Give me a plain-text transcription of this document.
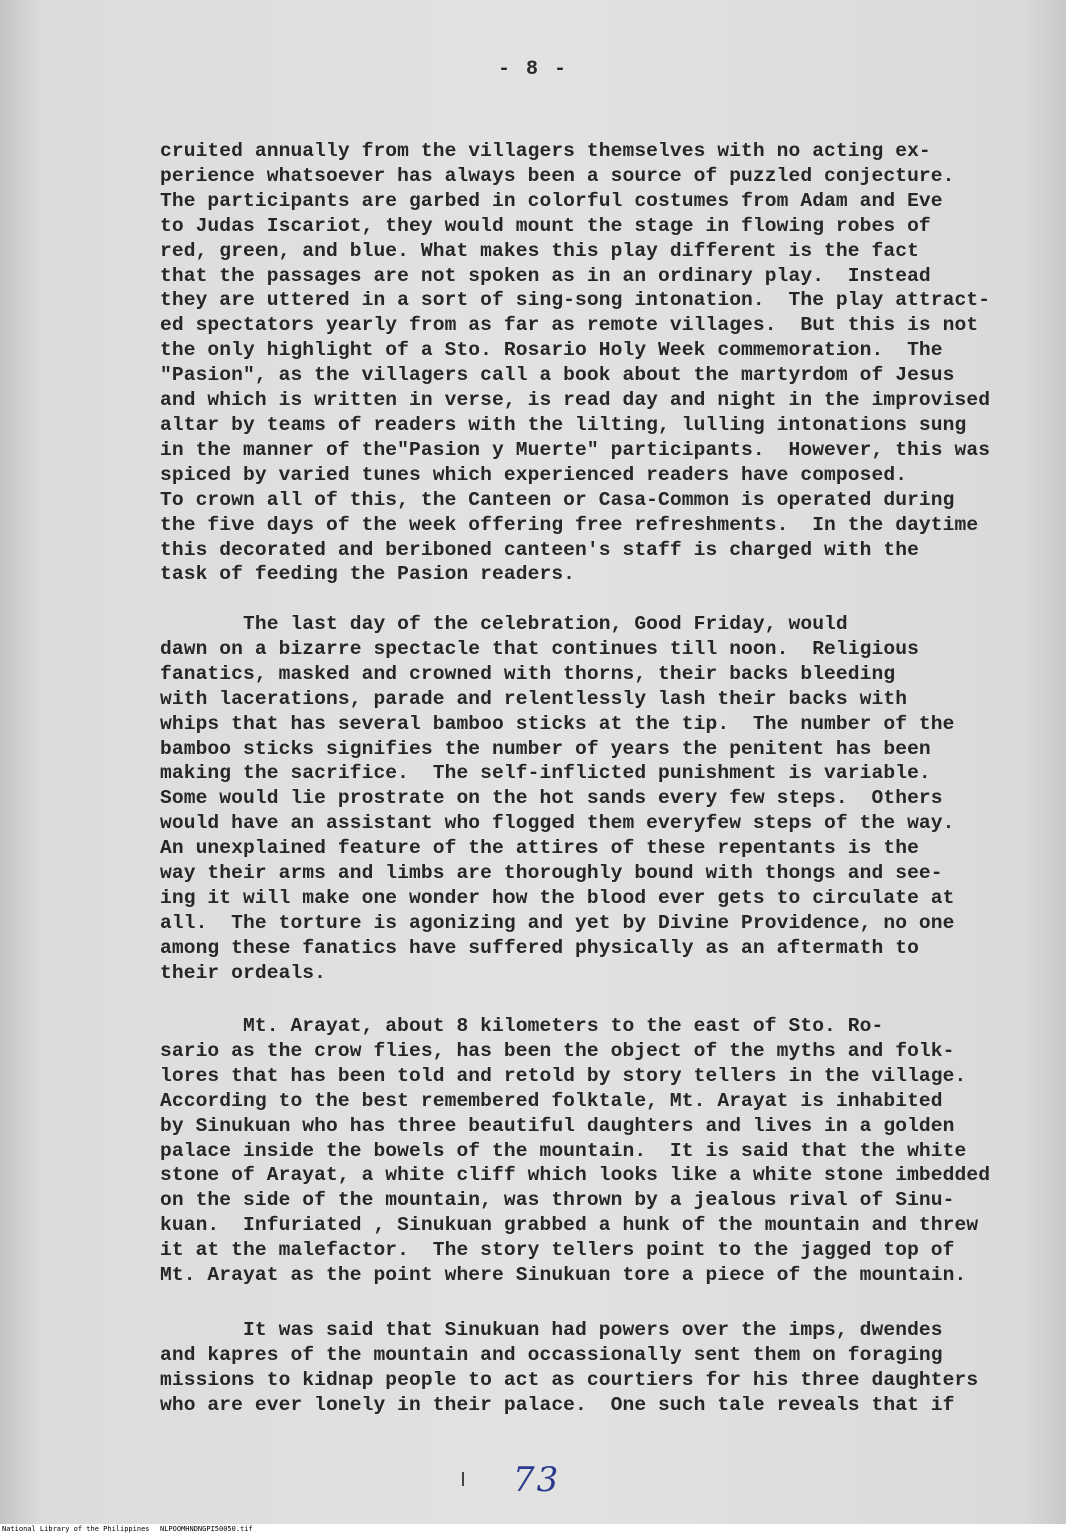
- 8 -
cruited annually from the villagers themselves with no acting ex-
perience whatsoever has always been a source of puzzled conjecture.
The participants are garbed in colorful costumes from Adam and Eve
to Judas Iscariot, they would mount the stage in flowing robes of
red, green, and blue. What makes this play different is the fact
that the passages are not spoken as in an ordinary play.  Instead
they are uttered in a sort of sing-song intonation.  The play attract-
ed spectators yearly from as far as remote villages.  But this is not
the only highlight of a Sto. Rosario Holy Week commemoration.  The
"Pasion", as the villagers call a book about the martyrdom of Jesus
and which is written in verse, is read day and night in the improvised
altar by teams of readers with the lilting, lulling intonations sung
in the manner of the"Pasion y Muerte" participants.  However, this was
spiced by varied tunes which experienced readers have composed.
To crown all of this, the Canteen or Casa-Common is operated during
the five days of the week offering free refreshments.  In the daytime
this decorated and beriboned canteen's staff is charged with the
task of feeding the Pasion readers.
The last day of the celebration, Good Friday, would
dawn on a bizarre spectacle that continues till noon.  Religious
fanatics, masked and crowned with thorns, their backs bleeding
with lacerations, parade and relentlessly lash their backs with
whips that has several bamboo sticks at the tip.  The number of the
bamboo sticks signifies the number of years the penitent has been
making the sacrifice.  The self-inflicted punishment is variable.
Some would lie prostrate on the hot sands every few steps.  Others
would have an assistant who flogged them everyfew steps of the way.
An unexplained feature of the attires of these repentants is the
way their arms and limbs are thoroughly bound with thongs and see-
ing it will make one wonder how the blood ever gets to circulate at
all.  The torture is agonizing and yet by Divine Providence, no one
among these fanatics have suffered physically as an aftermath to
their ordeals.
Mt. Arayat, about 8 kilometers to the east of Sto. Ro-
sario as the crow flies, has been the object of the myths and folk-
lores that has been told and retold by story tellers in the village.
According to the best remembered folktale, Mt. Arayat is inhabited
by Sinukuan who has three beautiful daughters and lives in a golden
palace inside the bowels of the mountain.  It is said that the white
stone of Arayat, a white cliff which looks like a white stone imbedded
on the side of the mountain, was thrown by a jealous rival of Sinu-
kuan.  Infuriated , Sinukuan grabbed a hunk of the mountain and threw
it at the malefactor.  The story tellers point to the jagged top of
Mt. Arayat as the point where Sinukuan tore a piece of the mountain.
It was said that Sinukuan had powers over the imps, dwendes
and kapres of the mountain and occassionally sent them on foraging
missions to kidnap people to act as courtiers for his three daughters
who are ever lonely in their palace.  One such tale reveals that if
73
National Library of the Philippines NLPOOMHNDNGPI50050.tif
